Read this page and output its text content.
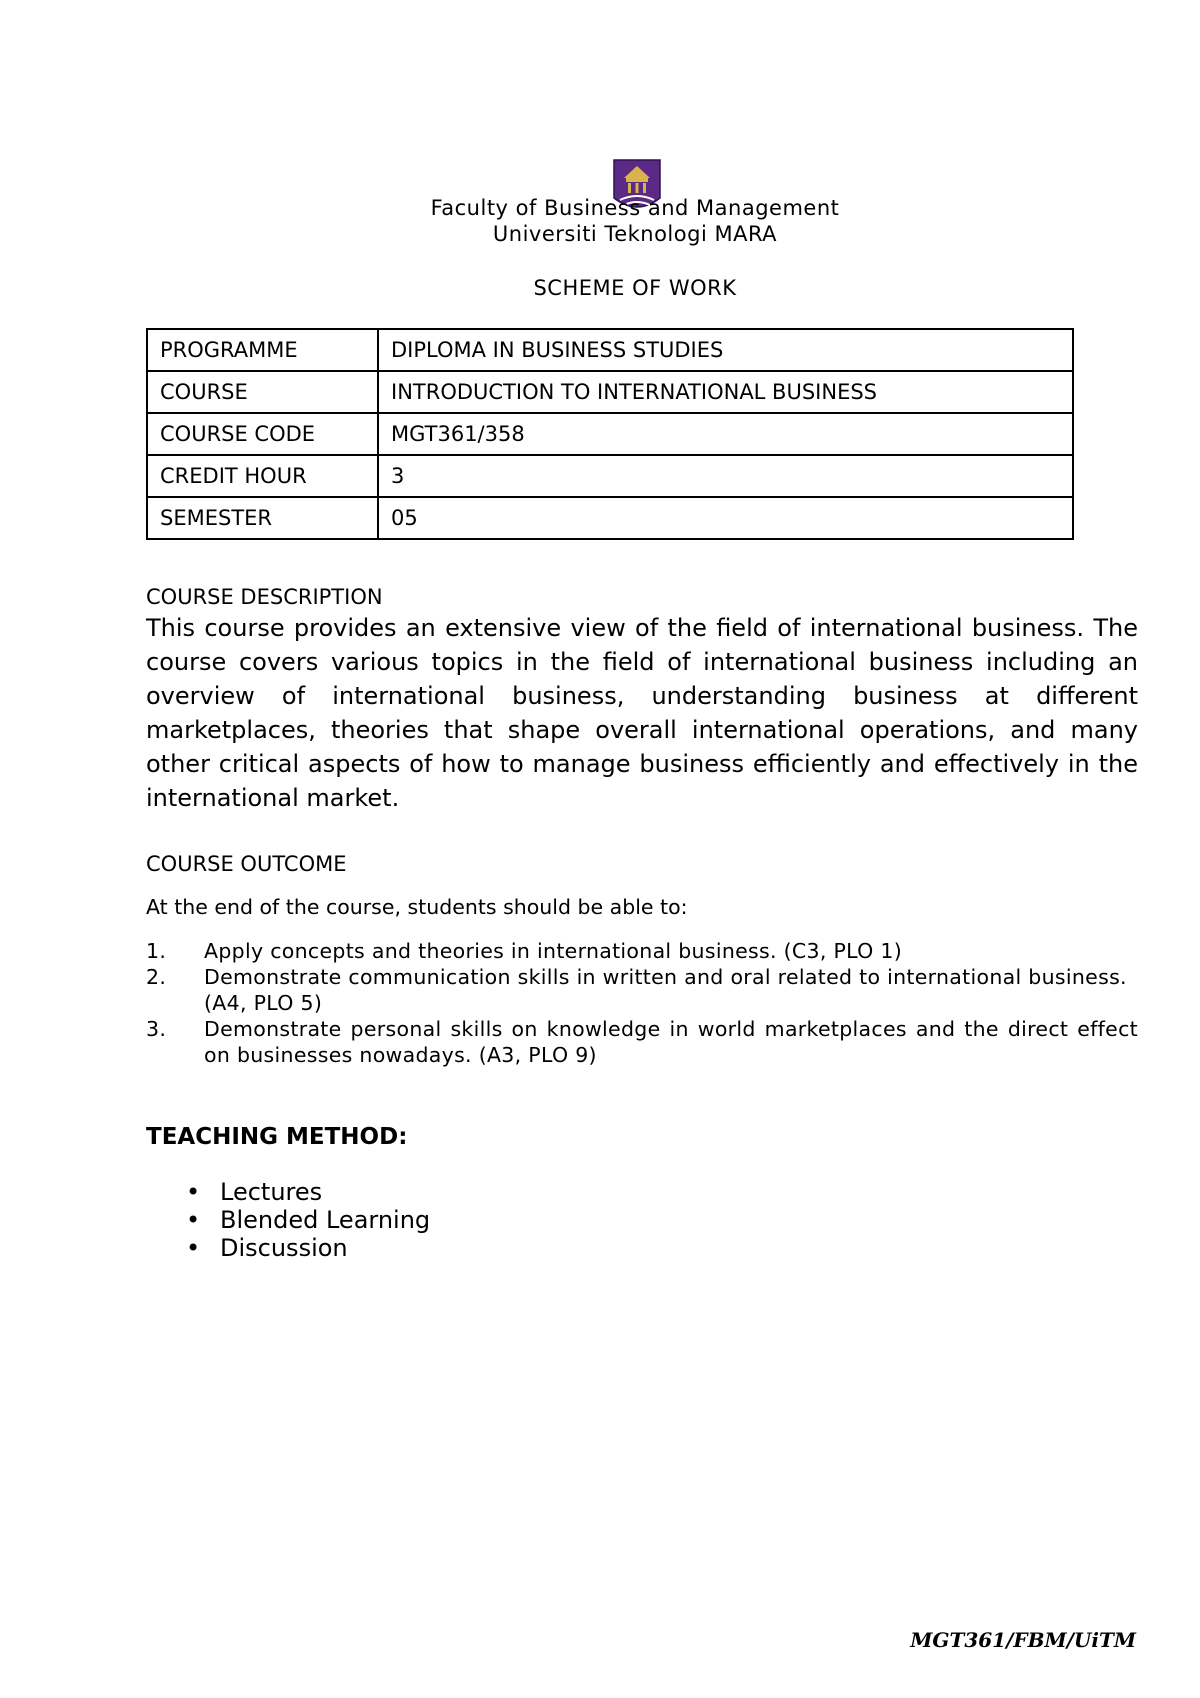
Faculty of Business and Management
Universiti Teknologi MARA
SCHEME OF WORK
PROGRAMME	DIPLOMA IN BUSINESS STUDIES
COURSE	INTRODUCTION TO INTERNATIONAL BUSINESS
COURSE CODE	MGT361/358
CREDIT HOUR	3
SEMESTER	05
COURSE DESCRIPTION
This course provides an extensive view of the field of international business. The course covers various topics in the field of international business including an overview of international business, understanding business at different marketplaces, theories that shape overall international operations, and many other critical aspects of how to manage business efficiently and effectively in the international market.
COURSE OUTCOME
At the end of the course, students should be able to:
1. Apply concepts and theories in international business. (C3, PLO 1)
2. Demonstrate communication skills in written and oral related to international business.
(A4, PLO 5)
3. Demonstrate personal skills on knowledge in world marketplaces and the direct effect on businesses nowadays. (A3, PLO 9)
TEACHING METHOD:
• Lectures
• Blended Learning
• Discussion
MGT361/FBM/UiTM
